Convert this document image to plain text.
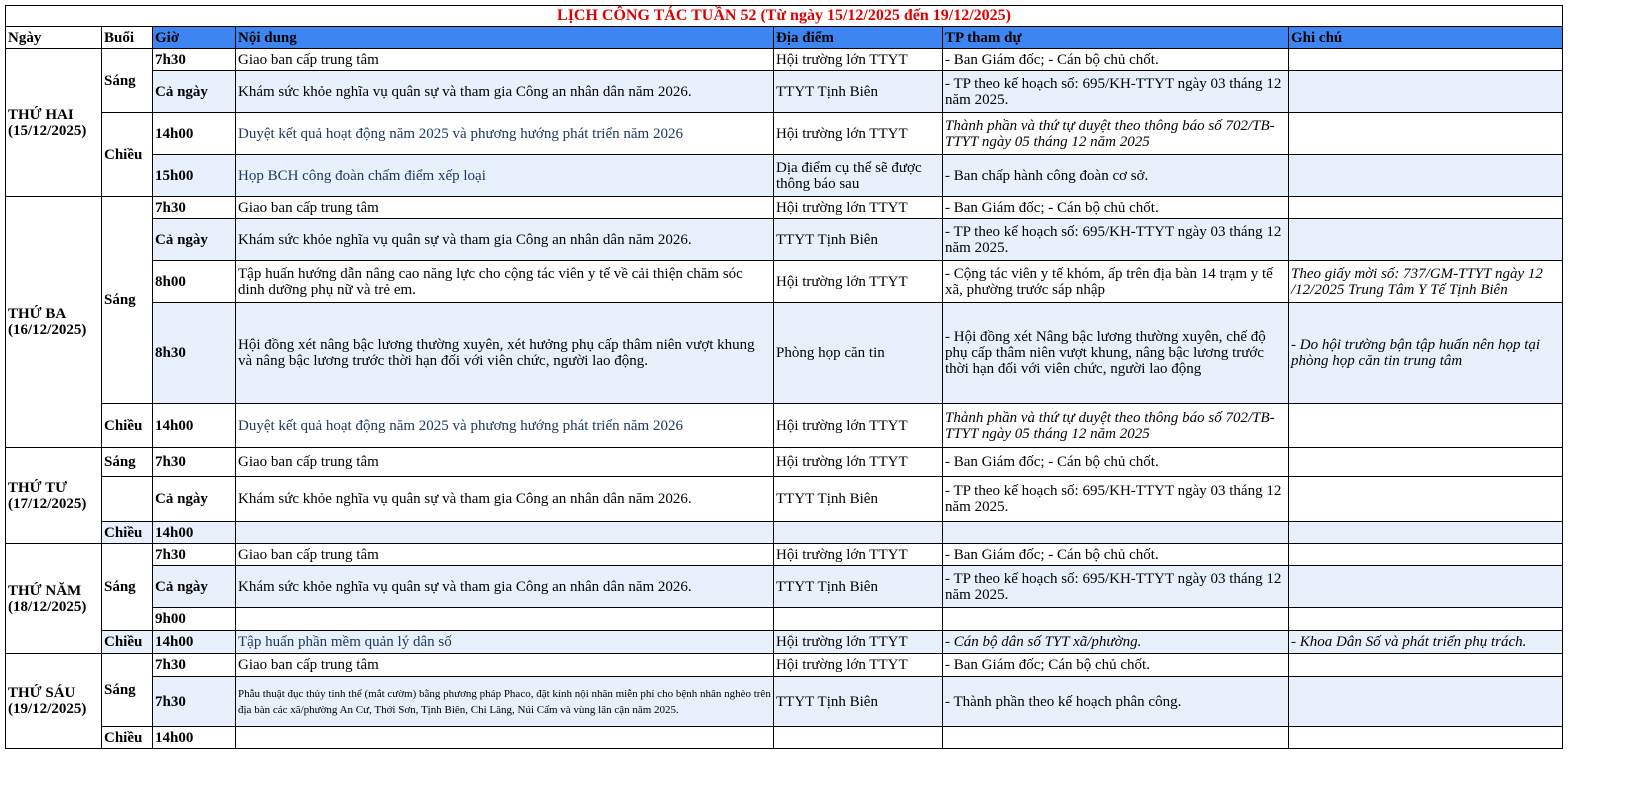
LỊCH CÔNG TÁC TUẦN 52 (Từ ngày 15/12/2025 đến 19/12/2025)						
Ngày	Buổi	Giờ	Nội dung	Địa điểm	TP tham dự	Ghi chú
THỨ HAI (15/12/2025)	Sáng	7h30	Giao ban cấp trung tâm	Hội trường lớn TTYT	- Ban Giám đốc; - Cán bộ chủ chốt.	
		Cả ngày	Khám sức khỏe nghĩa vụ quân sự và tham gia Công an nhân dân năm 2026.	TTYT Tịnh Biên	- TP theo kế hoạch số: 695/KH-TTYT ngày 03 tháng 12 năm 2025.	
	Chiều	14h00	Duyệt kết quả hoạt động năm 2025 và phương hướng phát triển năm 2026	Hội trường lớn TTYT	Thành phần và thứ tự duyệt theo thông báo số 702/TB-TTYT ngày 05 tháng 12 năm 2025	
		15h00	Họp BCH công đoàn chấm điểm xếp loại	Dịa điểm cụ thể sẽ được thông báo sau	- Ban chấp hành công đoàn cơ sở.	
THỨ BA (16/12/2025)	Sáng	7h30	Giao ban cấp trung tâm	Hội trường lớn TTYT	- Ban Giám đốc; - Cán bộ chủ chốt.	
		Cả ngày	Khám sức khỏe nghĩa vụ quân sự và tham gia Công an nhân dân năm 2026.	TTYT Tịnh Biên	- TP theo kế hoạch số: 695/KH-TTYT ngày 03 tháng 12 năm 2025.	
		8h00	Tập huấn hướng dẫn nâng cao năng lực cho cộng tác viên y tế về cải thiện chăm sóc dinh dưỡng phụ nữ và trẻ em.	Hội trường lớn TTYT	- Cộng tác viên y tế khóm, ấp trên địa bàn 14 trạm y tế xã, phường trước sáp nhập	Theo giấy mời số: 737/GM-TTYT ngày 12 /12/2025 Trung Tâm Y Tế Tịnh Biên
		8h30	Hội đồng xét nâng bậc lương thường xuyên, xét hưởng phụ cấp thâm niên vượt khung và nâng bậc lương trước thời hạn đối với viên chức, người lao động.	Phòng họp căn tin	- Hội đồng xét Nâng bậc lương thường xuyên, chế độ phụ cấp thâm niên vượt khung, nâng bậc lương trước thời hạn đối với viên chức, người lao động	- Do hội trường bận tập huấn nên họp tại phòng họp căn tin trung tâm
	Chiều	14h00	Duyệt kết quả hoạt động năm 2025 và phương hướng phát triển năm 2026	Hội trường lớn TTYT	Thành phần và thứ tự duyệt theo thông báo số 702/TB-TTYT ngày 05 tháng 12 năm 2025	
THỨ TƯ (17/12/2025)	Sáng	7h30	Giao ban cấp trung tâm	Hội trường lớn TTYT	- Ban Giám đốc; - Cán bộ chủ chốt.	
		Cả ngày	Khám sức khỏe nghĩa vụ quân sự và tham gia Công an nhân dân năm 2026.	TTYT Tịnh Biên	- TP theo kế hoạch số: 695/KH-TTYT ngày 03 tháng 12 năm 2025.	
	Chiều	14h00				
THỨ NĂM (18/12/2025)	Sáng	7h30	Giao ban cấp trung tâm	Hội trường lớn TTYT	- Ban Giám đốc; - Cán bộ chủ chốt.	
		Cả ngày	Khám sức khỏe nghĩa vụ quân sự và tham gia Công an nhân dân năm 2026.	TTYT Tịnh Biên	- TP theo kế hoạch số: 695/KH-TTYT ngày 03 tháng 12 năm 2025.	
		9h00				
	Chiều	14h00	Tập huấn phần mềm quản lý dân số	Hội trường lớn TTYT	- Cán bộ dân số TYT xã/phường.	- Khoa Dân Số và phát triển phụ trách.
THỨ SÁU (19/12/2025)	Sáng	7h30	Giao ban cấp trung tâm	Hội trường lớn TTYT	- Ban Giám đốc; Cán bộ chủ chốt.	
		7h30	Phẫu thuật đục thủy tinh thể (mắt cườm) bằng phương pháp Phaco, đặt kính nội nhãn miễn phí cho bệnh nhân nghèo trên địa bàn các xã/phường An Cư, Thới Sơn, Tịnh Biên, Chi Lăng, Núi Cấm và vùng lân cận năm 2025.	TTYT Tịnh Biên	- Thành phần theo kế hoạch phân công.	
	Chiều	14h00				
